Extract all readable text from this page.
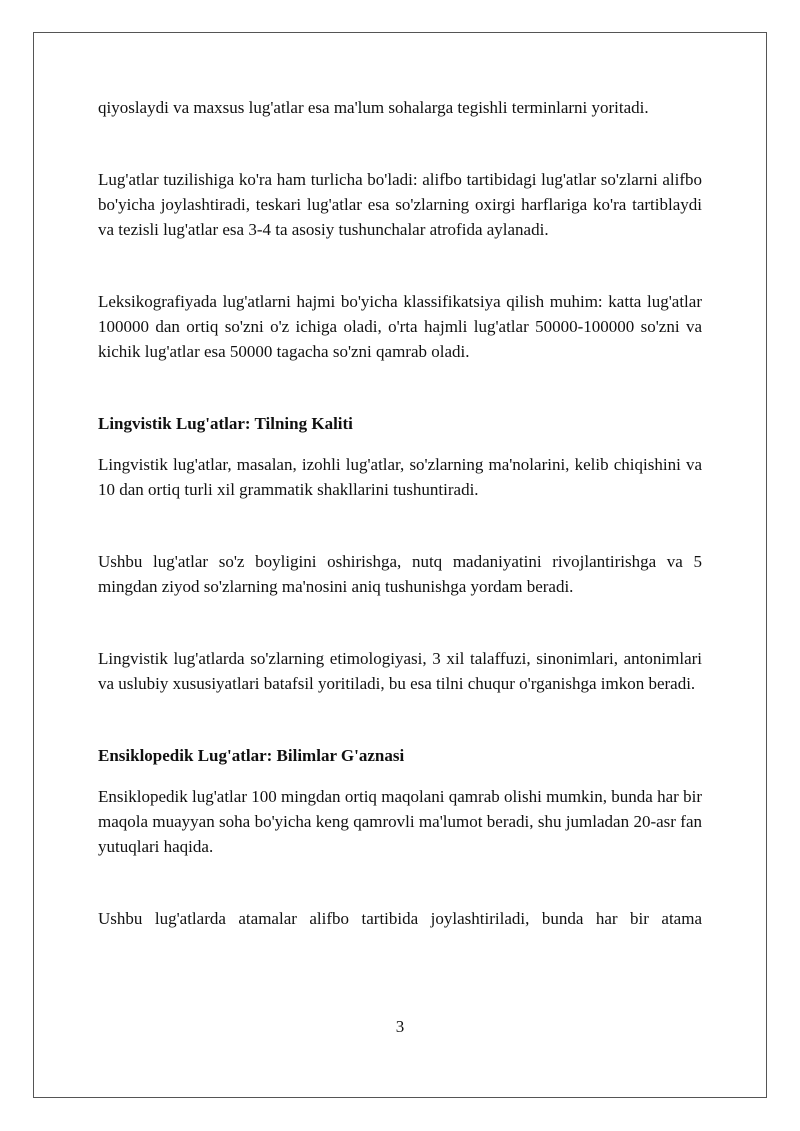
qiyoslaydi va maxsus lug'atlar esa ma'lum sohalarga tegishli terminlarni yoritadi.

Lug'atlar tuzilishiga ko'ra ham turlicha bo'ladi: alifbo tartibidagi lug'atlar so'zlarni alifbo bo'yicha joylashtiradi, teskari lug'atlar esa so'zlarning oxirgi harflariga ko'ra tartiblaydi va tezisli lug'atlar esa 3-4 ta asosiy tushunchalar atrofida aylanadi.

Leksikografiyada lug'atlarni hajmi bo'yicha klassifikatsiya qilish muhim: katta lug'atlar 100000 dan ortiq so'zni o'z ichiga oladi, o'rta hajmli lug'atlar 50000-100000 so'zni va kichik lug'atlar esa 50000 tagacha so'zni qamrab oladi.

Lingvistik Lug'atlar: Tilning Kaliti

Lingvistik lug'atlar, masalan, izohli lug'atlar, so'zlarning ma'nolarini, kelib chiqishini va 10 dan ortiq turli xil grammatik shakllarini tushuntiradi.

Ushbu lug'atlar so'z boyligini oshirishga, nutq madaniyatini rivojlantirishga va 5 mingdan ziyod so'zlarning ma'nosini aniq tushunishga yordam beradi.

Lingvistik lug'atlarda so'zlarning etimologiyasi, 3 xil talaffuzi, sinonimlari, antonimlari va uslubiy xususiyatlari batafsil yoritiladi, bu esa tilni chuqur o'rganishga imkon beradi.

Ensiklopedik Lug'atlar: Bilimlar G'aznasi

Ensiklopedik lug'atlar 100 mingdan ortiq maqolani qamrab olishi mumkin, bunda har bir maqola muayyan soha bo'yicha keng qamrovli ma'lumot beradi, shu jumladan 20-asr fan yutuqlari haqida.

Ushbu lug'atlarda atamalar alifbo tartibida joylashtiriladi, bunda har bir atama

3
